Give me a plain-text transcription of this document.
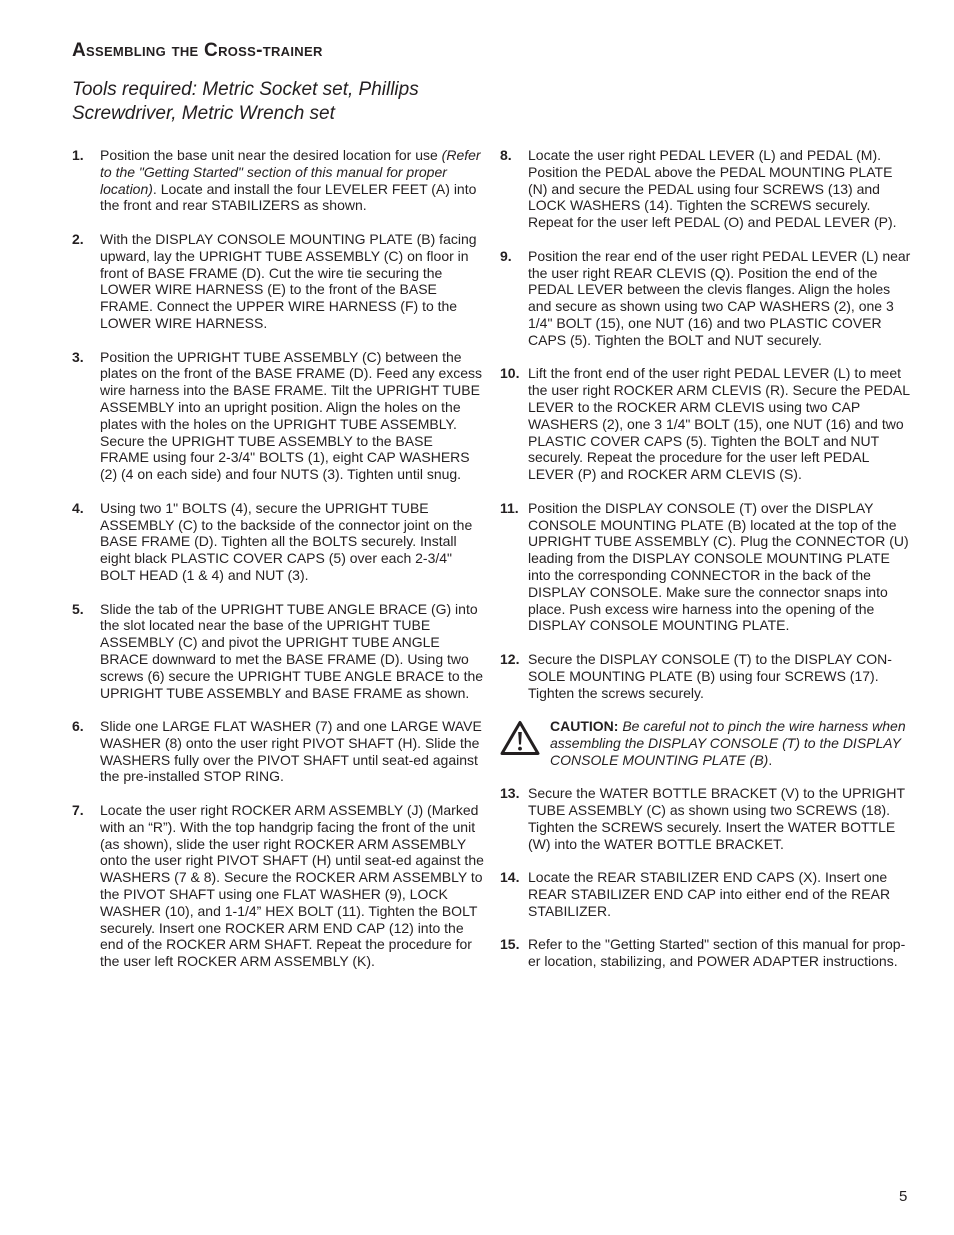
Assembling the Cross-trainer
Tools required: Metric Socket set, Phillips Screwdriver, Metric Wrench set
1. Position the base unit near the desired location for use (Refer to the "Getting Started" section of this manual for proper location). Locate and install the four LEVELER FEET (A) into the front and rear STABILIZERS as shown.
2. With the DISPLAY CONSOLE MOUNTING PLATE (B) facing upward, lay the UPRIGHT TUBE ASSEMBLY (C) on floor in front of BASE FRAME (D). Cut the wire tie securing the LOWER WIRE HARNESS (E) to the front of the BASE FRAME. Connect the UPPER WIRE HARNESS (F) to the LOWER WIRE HARNESS.
3. Position the UPRIGHT TUBE ASSEMBLY (C) between the plates on the front of the BASE FRAME (D). Feed any excess wire harness into the BASE FRAME. Tilt the UPRIGHT TUBE ASSEMBLY into an upright position. Align the holes on the plates with the holes on the UPRIGHT TUBE ASSEMBLY. Secure the UPRIGHT TUBE ASSEMBLY to the BASE FRAME using four 2-3/4" BOLTS (1), eight CAP WASHERS (2) (4 on each side) and four NUTS (3). Tighten until snug.
4. Using two 1" BOLTS (4), secure the UPRIGHT TUBE ASSEMBLY (C) to the backside of the connector joint on the BASE FRAME (D). Tighten all the BOLTS securely. Install eight black PLASTIC COVER CAPS (5) over each 2-3/4" BOLT HEAD (1 & 4) and NUT (3).
5. Slide the tab of the UPRIGHT TUBE ANGLE BRACE (G) into the slot located near the base of the UPRIGHT TUBE ASSEMBLY (C) and pivot the UPRIGHT TUBE ANGLE BRACE downward to met the BASE FRAME (D). Using two screws (6) secure the UPRIGHT TUBE ANGLE BRACE to the UPRIGHT TUBE ASSEMBLY and BASE FRAME as shown.
6. Slide one LARGE FLAT WASHER (7) and one LARGE WAVE WASHER (8) onto the user right PIVOT SHAFT (H). Slide the WASHERS fully over the PIVOT SHAFT until seat-ed against the pre-installed STOP RING.
7. Locate the user right ROCKER ARM ASSEMBLY (J) (Marked with an “R”). With the top handgrip facing the front of the unit (as shown), slide the user right ROCKER ARM ASSEMBLY onto the user right PIVOT SHAFT (H) until seat-ed against the WASHERS (7 & 8). Secure the ROCKER ARM ASSEMBLY to the PIVOT SHAFT using one FLAT WASHER (9), LOCK WASHER (10), and 1-1/4” HEX BOLT (11). Tighten the BOLT securely. Insert one ROCKER ARM END CAP (12) into the end of the ROCKER ARM SHAFT. Repeat the procedure for the user left ROCKER ARM ASSEMBLY (K).
8. Locate the user right PEDAL LEVER (L) and PEDAL (M). Position the PEDAL above the PEDAL MOUNTING PLATE (N) and secure the PEDAL using four SCREWS (13) and LOCK WASHERS (14). Tighten the SCREWS securely. Repeat for the user left PEDAL (O) and PEDAL LEVER (P).
9. Position the rear end of the user right PEDAL LEVER (L) near the user right REAR CLEVIS (Q). Position the end of the PEDAL LEVER between the clevis flanges. Align the holes and secure as shown using two CAP WASHERS (2), one 3 1/4" BOLT (15), one NUT (16) and two PLASTIC COVER CAPS (5). Tighten the BOLT and NUT securely.
10. Lift the front end of the user right PEDAL LEVER (L) to meet the user right ROCKER ARM CLEVIS (R). Secure the PEDAL LEVER to the ROCKER ARM CLEVIS using two CAP WASHERS (2), one 3 1/4" BOLT (15), one NUT (16) and two PLASTIC COVER CAPS (5). Tighten the BOLT and NUT securely. Repeat the procedure for the user left PEDAL LEVER (P) and ROCKER ARM CLEVIS (S).
11. Position the DISPLAY CONSOLE (T) over the DISPLAY CONSOLE MOUNTING PLATE (B) located at the top of the UPRIGHT TUBE ASSEMBLY (C). Plug the CONNECTOR (U) leading from the DISPLAY CONSOLE MOUNTING PLATE into the corresponding CONNECTOR in the back of the DISPLAY CONSOLE. Make sure the connector snaps into place. Push excess wire harness into the opening of the DISPLAY CONSOLE MOUNTING PLATE.
12. Secure the DISPLAY CONSOLE (T) to the DISPLAY CON-SOLE MOUNTING PLATE (B) using four SCREWS (17). Tighten the screws securely.
CAUTION: Be careful not to pinch the wire harness when assembling the DISPLAY CONSOLE (T) to the DISPLAY CONSOLE MOUNTING PLATE (B).
13. Secure the WATER BOTTLE BRACKET (V) to the UPRIGHT TUBE ASSEMBLY (C) as shown using two SCREWS (18). Tighten the SCREWS securely. Insert the WATER BOTTLE (W) into the WATER BOTTLE BRACKET.
14. Locate the REAR STABILIZER END CAPS (X). Insert one REAR STABILIZER END CAP into either end of the REAR STABILIZER.
15. Refer to the "Getting Started" section of this manual for prop-er location, stabilizing, and POWER ADAPTER instructions.
5
